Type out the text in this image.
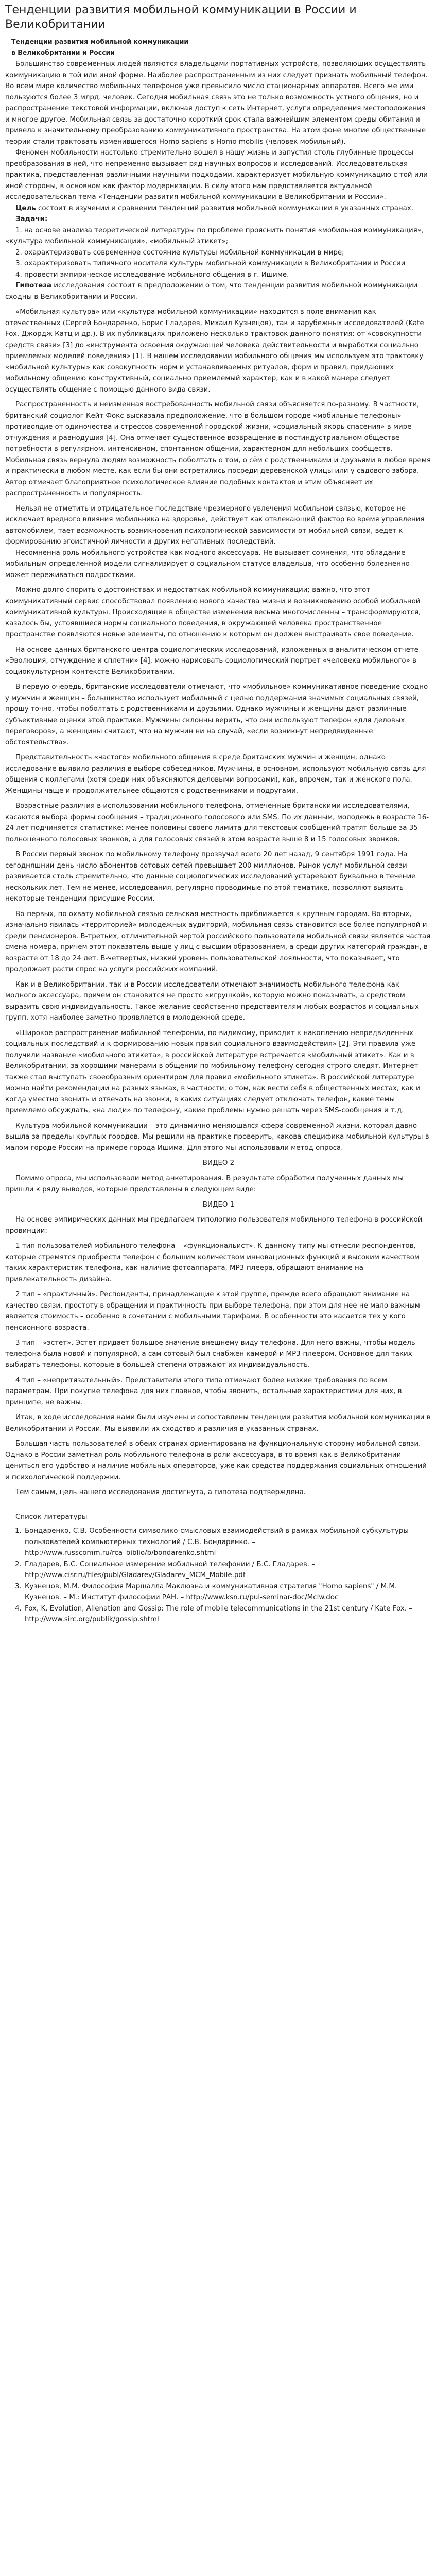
Тенденции развития мобильной коммуникации в России и Великобритании
Тенденции развития мобильной коммуникации
в Великобритании и России

Большинство современных людей являются владельцами портативных устройств, позволяющих осуществлять коммуникацию в той или иной форме. Наиболее распространенным из них следует признать мобильный телефон. Во всем мире количество мобильных телефонов уже превысило число стационарных аппаратов. Всего же ими пользуются более 3 млрд. человек. Сегодня мобильная связь это не только возможность устного общения, но и распространение текстовой информации, включая доступ к сеть Интернет, услуги определения местоположения и многое другое. Мобильная связь за достаточно короткий срок стала важнейшим элементом среды обитания и привела к значительному преобразованию коммуникативного пространства. На этом фоне многие общественные теории стали трактовать изменившегося Homo sapiens в Homo mobilis (человек мобильный).

Феномен мобильности настолько стремительно вошел в нашу жизнь и запустил столь глубинные процессы преобразования в ней, что непременно вызывает ряд научных вопросов и исследований. Исследовательская практика, представленная различными научными подходами, характеризует мобильную коммуникацию с той или иной стороны, в основном как фактор модернизации. В силу этого нам представляется актуальной исследовательская тема «Тенденции развития мобильной коммуникации в Великобритании и России».

Цель состоит в изучении и сравнении тенденций развития мобильной коммуникации в указанных странах.

Задачи:

1. на основе анализа теоретической литературы по проблеме прояснить понятия «мобильная коммуникация», «культура мобильной коммуникации», «мобильный этикет»;

2. охарактеризовать современное состояние культуры мобильной коммуникации в мире;

3. охарактеризовать типичного носителя культуры мобильной коммуникации в Великобритании и России

4. провести эмпирическое исследование мобильного общения в г. Ишиме.

Гипотеза исследования состоит в предположении о том, что тенденции развития мобильной коммуникации сходны в Великобритании и России.

«Мобильная культура» или «культура мобильной коммуникации» находится в поле внимания как отечественных (Сергей Бондаренко, Борис Гладарев, Михаил Кузнецов), так и зарубежных исследователей (Kate Fox, Джордж Катц и др.). В их публикациях приложено несколько трактовок данного понятия: от «совокупности средств связи» [3] до «инструмента освоения окружающей человека действительности и выработки социально приемлемых моделей поведения» [1]. В нашем исследовании мобильного общения мы используем это трактовку «мобильной культуры» как совокупность норм и устанавливаемых ритуалов, форм и правил, придающих мобильному общению конструктивный, социально приемлемый характер, как и в какой манере следует осуществлять общение с помощью данного вида связи.

Распространенность и неизменная востребованность мобильной связи объясняется по-разному. В частности, британский социолог Кейт Фокс высказала предположение, что в большом городе «мобильные телефоны» – противоядие от одиночества и стрессов современной городской жизни, «социальный якорь спасения» в мире отчуждения и равнодушия [4]. Она отмечает существенное возвращение в постиндустриальном обществе потребности в регулярном, интенсивном, спонтанном общении, характерном для небольших сообществ. Мобильная связь вернула людям возможность поболтать о том, о сём с родственниками и друзьями в любое время и практически в любом месте, как если бы они встретились посреди деревенской улицы или у садового забора. Автор отмечает благоприятное психологическое влияние подобных контактов и этим объясняет их распространенность и популярность.

Нельзя не отметить и отрицательное последствие чрезмерного увлечения мобильной связью, которое не исключает вредного влияния мобильника на здоровье, действует как отвлекающий фактор во время управления автомобилем, тает возможность возникновения психологической зависимости от мобильной связи, ведет к формированию эгоистичной личности и других негативных последствий.

Несомненна роль мобильного устройства как модного аксессуара. Не вызывает сомнения, что обладание мобильным определенной модели сигнализирует о социальном статусе владельца, что особенно болезненно может переживаться подростками.

Можно долго спорить о достоинствах и недостатках мобильной коммуникации; важно, что этот коммуникативный сервис способствовал появлению нового качества жизни и возникновению особой мобильной коммуникативной культуры. Происходящие в обществе изменения весьма многочисленны – трансформируются, казалось бы, устоявшиеся нормы социального поведения, в окружающей человека пространственное пространстве появляются новые элементы, по отношению к которым он должен выстраивать свое поведение.

На основе данных британского центра социологических исследований, изложенных в аналитическом отчете «Эволюция, отчуждение и сплетни» [4], можно нарисовать социологический портрет «человека мобильного» в социокультурном контексте Великобритании.

В первую очередь, британские исследователи отмечают, что «мобильное» коммуникативное поведение сходно у мужчин и женщин – большинство использует мобильный с целью поддержания значимых социальных связей, прошу точно, чтобы поболтать с родственниками и друзьями. Однако мужчины и женщины дают различные субъективные оценки этой практике. Мужчины склонны верить, что они используют телефон «для деловых переговоров», а женщины считают, что на мужчин ни на случай, «если возникнут непредвиденные обстоятельства».

Представительность «частого» мобильного общения в среде британских мужчин и женщин, однако исследование выявило различия в выборе собеседников. Мужчины, в основном, используют мобильную связь для общения с коллегами (хотя среди них объясняются деловыми вопросами), как, впрочем, так и женского пола. Женщины чаще и продолжительнее общаются с родственниками и подругами.

Возрастные различия в использовании мобильного телефона, отмеченные британскими исследователями, касаются выбора формы сообщения – традиционного голосового или SMS. По их данным, молодежь в возрасте 16-24 лет подчиняется статистике: менее половины своего лимита для текстовых сообщений тратят больше за 35 полноценного голосовых звонков, а для голосовых связей в этом возрасте выше 8 и 15 голосовых звонков.

В России первый звонок по мобильному телефону прозвучал всего 20 лет назад, 9 сентября 1991 года. На сегодняшний день число абонентов сотовых сетей превышает 200 миллионов. Рынок услуг мобильной связи развивается столь стремительно, что данные социологических исследований устаревают буквально в течение нескольких лет. Тем не менее, исследования, регулярно проводимые по этой тематике, позволяют выявить некоторые тенденции присущие России.

Во-первых, по охвату мобильной связью сельская местность приближается к крупным городам. Во-вторых, изначально явилась «территорией» молодежных аудиторий, мобильная связь становится все более популярной и среди пенсионеров. В-третьих, отличительной чертой российского пользователя мобильной связи является частая смена номера, причем этот показатель выше у лиц с высшим образованием, а среди других категорий граждан, в возрасте от 18 до 24 лет. В-четвертых, низкий уровень пользовательской лояльности, что показывает, что продолжает расти спрос на услуги российских компаний.

Как и в Великобритании, так и в России исследователи отмечают значимость мобильного телефона как модного аксессуара, причем он становится не просто «игрушкой», которую можно показывать, а средством выразить свою индивидуальность. Такое желание свойственно представителям любых возрастов и социальных групп, хотя наиболее заметно проявляется в молодежной среде.

«Широкое распространение мобильной телефонии, по-видимому, приводит к накоплению непредвиденных социальных последствий и к формированию новых правил социального взаимодействия» [2]. Эти правила уже получили название «мобильного этикета», в российской литературе встречается «мобильный этикет». Как и в Великобритании, за хорошими манерами в общении по мобильному телефону сегодня строго следят. Интернет также стал выступать своеобразным ориентиром для правил «мобильного этикета». В российской литературе можно найти рекомендации на разных языках, в частности, о том, как вести себя в общественных местах, как и когда уместно звонить и отвечать на звонки, в каких ситуациях следует отключать телефон, какие темы приемлемо обсуждать, «на люди» по телефону, какие проблемы нужно решать через SMS-сообщения и т.д.

Культура мобильной коммуникации – это динамично меняющаяся сфера современной жизни, которая давно вышла за пределы круглых городов. Мы решили на практике проверить, какова специфика мобильной культуры в малом городе России на примере города Ишима. Для этого мы использовали метод опроса.

ВИДЕО 2

Помимо опроса, мы использовали метод анкетирования. В результате обработки полученных данных мы пришли к ряду выводов, которые представлены в следующем виде:

ВИДЕО 1

На основе эмпирических данных мы предлагаем типологию пользователя мобильного телефона в российской провинции:

1 тип пользователей мобильного телефона – «функциональист». К данному типу мы отнесли респондентов, которые стремятся приобрести телефон с большим количеством инновационных функций и высоким качеством таких характеристик телефона, как наличие фотоаппарата, MP3-плеера, обращают внимание на привлекательность дизайна.

2 тип – «практичный». Респонденты, принадлежащие к этой группе, прежде всего обращают внимание на качество связи, простоту в обращении и практичность при выборе телефона, при этом для нее не мало важным является стоимость – особенно в сочетании с мобильными тарифами. В особенности это касается тех у кого пенсионного возраста.

3 тип – «эстет». Эстет придает большое значение внешнему виду телефона. Для него важны, чтобы модель телефона была новой и популярной, а сам сотовый был снабжен камерой и MP3-плеером. Основное для таких – выбирать телефоны, которые в большей степени отражают их индивидуальность.

4 тип – «непритязательный». Представители этого типа отмечают более низкие требования по всем параметрам. При покупке телефона для них главное, чтобы звонить, остальные характеристики для них, в принципе, не важны.

Итак, в ходе исследования нами были изучены и сопоставлены тенденции развития мобильной коммуникации в Великобритании и России. Мы выявили их сходство и различия в указанных странах.

Большая часть пользователей в обеих странах ориентирована на функциональную сторону мобильной связи. Однако в России заметная роль мобильного телефона в роли аксессуара, в то время как в Великобритании цениться его удобство и наличие мобильных операторов, уже как средства поддержания социальных отношений и психологической поддержки.

Тем самым, цель нашего исследования достигнута, а гипотеза подтверждена.

Список литературы
1. Бондаренко, С.В. Особенности символико-смысловых взаимодействий в рамках мобильной субкультуры пользователей компьютерных технологий / С.В. Бондаренко. – http://www.russcomm.ru/rca_biblio/b/bondarenko.shtml
2. Гладарев, Б.С. Социальное измерение мобильной телефонии / Б.С. Гладарев. – http://www.cisr.ru/files/publ/Gladarev/Gladarev_MCM_Mobile.pdf
3. Кузнецов, М.М. Философия Маршалла Маклюэна и коммуникативная стратегия "Homo sapiens" / М.М. Кузнецов. – М.: Институт философии РАН. – http://www.ksn.ru/pul-seminar-doc/Mclw.doc
4. Fox, K. Evolution, Alienation and Gossip: The role of mobile telecommunications in the 21st century / Kate Fox. – http://www.sirc.org/publik/gossip.shtml
